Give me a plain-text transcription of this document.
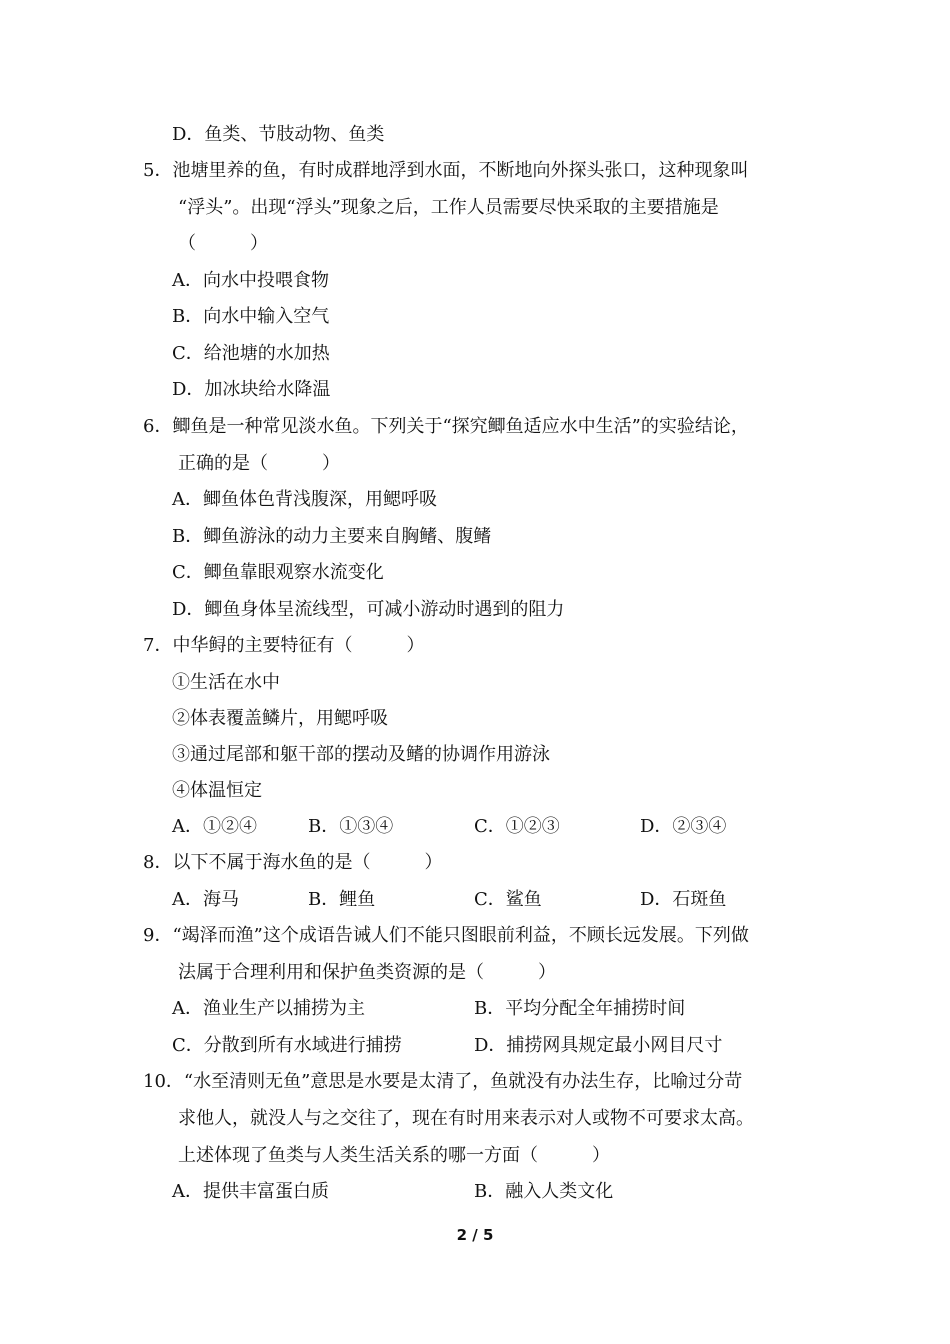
D．鱼类、节肢动物、鱼类
5．池塘里养的鱼，有时成群地浮到水面，不断地向外探头张口，这种现象叫
“浮头”。出现“浮头”现象之后，工作人员需要尽快采取的主要措施是
（　　　）
A．向水中投喂食物
B．向水中输入空气
C．给池塘的水加热
D．加冰块给水降温
6．鲫鱼是一种常见淡水鱼。下列关于“探究鲫鱼适应水中生活”的实验结论，
正确的是（　　　）
A．鲫鱼体色背浅腹深，用鳃呼吸
B．鲫鱼游泳的动力主要来自胸鳍、腹鳍
C．鲫鱼靠眼观察水流变化
D．鲫鱼身体呈流线型，可减小游动时遇到的阻力
7．中华鲟的主要特征有（　　　）
①生活在水中
②体表覆盖鳞片，用鳃呼吸
③通过尾部和躯干部的摆动及鳍的协调作用游泳
④体温恒定
A．①②④	B．①③④	C．①②③	D．②③④
8．以下不属于海水鱼的是（　　　）
A．海马	B．鲤鱼	C．鲨鱼	D．石斑鱼
9．“竭泽而渔”这个成语告诫人们不能只图眼前利益，不顾长远发展。下列做
法属于合理利用和保护鱼类资源的是（　　　）
A．渔业生产以捕捞为主	B．平均分配全年捕捞时间
C．分散到所有水域进行捕捞	D．捕捞网具规定最小网目尺寸
10．“水至清则无鱼”意思是水要是太清了，鱼就没有办法生存，比喻过分苛
求他人，就没人与之交往了，现在有时用来表示对人或物不可要求太高。
上述体现了鱼类与人类生活关系的哪一方面（　　　）
A．提供丰富蛋白质	B．融入人类文化
2 / 5
